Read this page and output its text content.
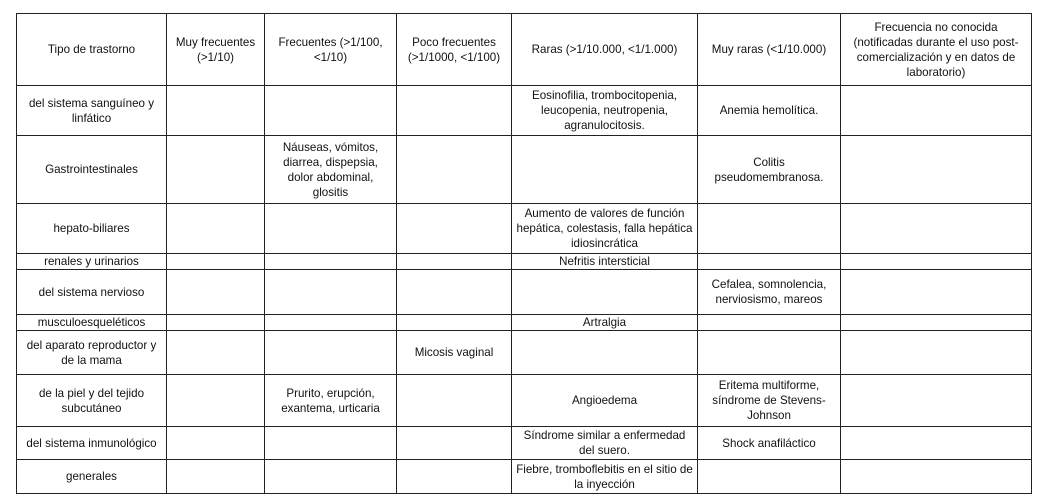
Tipo de trastorno	Muy frecuentes (>1/10)	Frecuentes (>1/100, <1/10)	Poco frecuentes (>1/1000, <1/100)	Raras (>1/10.000, <1/1.000)	Muy raras (<1/10.000)	Frecuencia no conocida (notificadas durante el uso post-comercialización y en datos de laboratorio)
del sistema sanguíneo y linfático				Eosinofilia, trombocitopenia, leucopenia, neutropenia, agranulocitosis.	Anemia hemolítica.	
Gastrointestinales		Náuseas, vómitos, diarrea, dispepsia, dolor abdominal, glositis			Colitis pseudomembranosa.	
hepato-biliares				Aumento de valores de función hepática, colestasis, falla hepática idiosincrática		
renales y urinarios				Nefritis intersticial		
del sistema nervioso					Cefalea, somnolencia, nerviosismo, mareos	
musculoesqueléticos				Artralgia		
del aparato reproductor y de la mama			Micosis vaginal			
de la piel y del tejido subcutáneo		Prurito, erupción, exantema, urticaria		Angioedema	Eritema multiforme, síndrome de Stevens-Johnson	
del sistema inmunológico				Síndrome similar a enfermedad del suero.	Shock anafiláctico	
generales				Fiebre, tromboflebitis en el sitio de la inyección		
